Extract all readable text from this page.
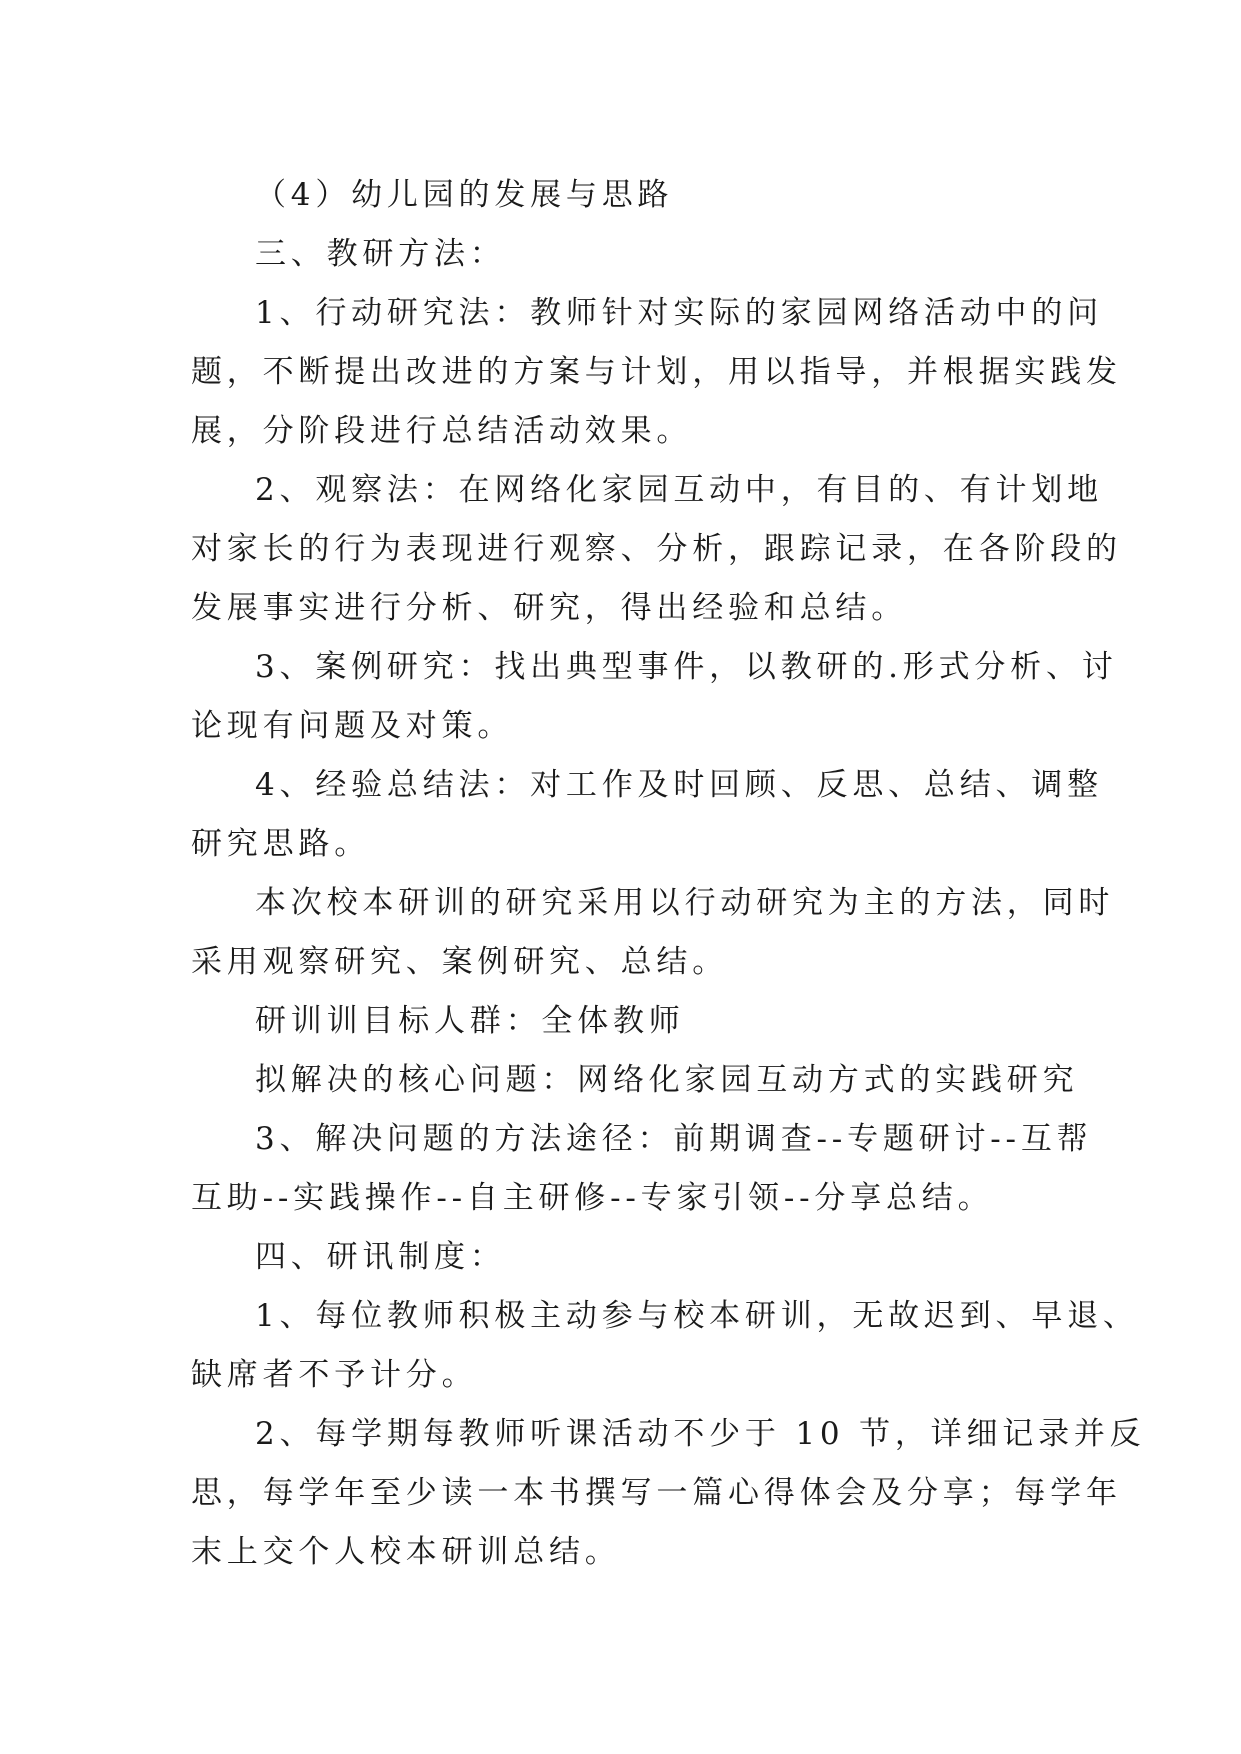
（4）幼儿园的发展与思路

三、教研方法：

1、行动研究法：教师针对实际的家园网络活动中的问
题，不断提出改进的方案与计划，用以指导，并根据实践发
展，分阶段进行总结活动效果。

2、观察法：在网络化家园互动中，有目的、有计划地
对家长的行为表现进行观察、分析，跟踪记录，在各阶段的
发展事实进行分析、研究，得出经验和总结。

3、案例研究：找出典型事件，以教研的.形式分析、讨
论现有问题及对策。

4、经验总结法：对工作及时回顾、反思、总结、调整
研究思路。

本次校本研训的研究采用以行动研究为主的方法，同时
采用观察研究、案例研究、总结。

研训训目标人群：全体教师

拟解决的核心问题：网络化家园互动方式的实践研究

3、解决问题的方法途径：前期调查--专题研讨--互帮
互助--实践操作--自主研修--专家引领--分享总结。

四、研讯制度：

1、每位教师积极主动参与校本研训，无故迟到、早退、
缺席者不予计分。

2、每学期每教师听课活动不少于 10 节，详细记录并反
思，每学年至少读一本书撰写一篇心得体会及分享；每学年
末上交个人校本研训总结。
